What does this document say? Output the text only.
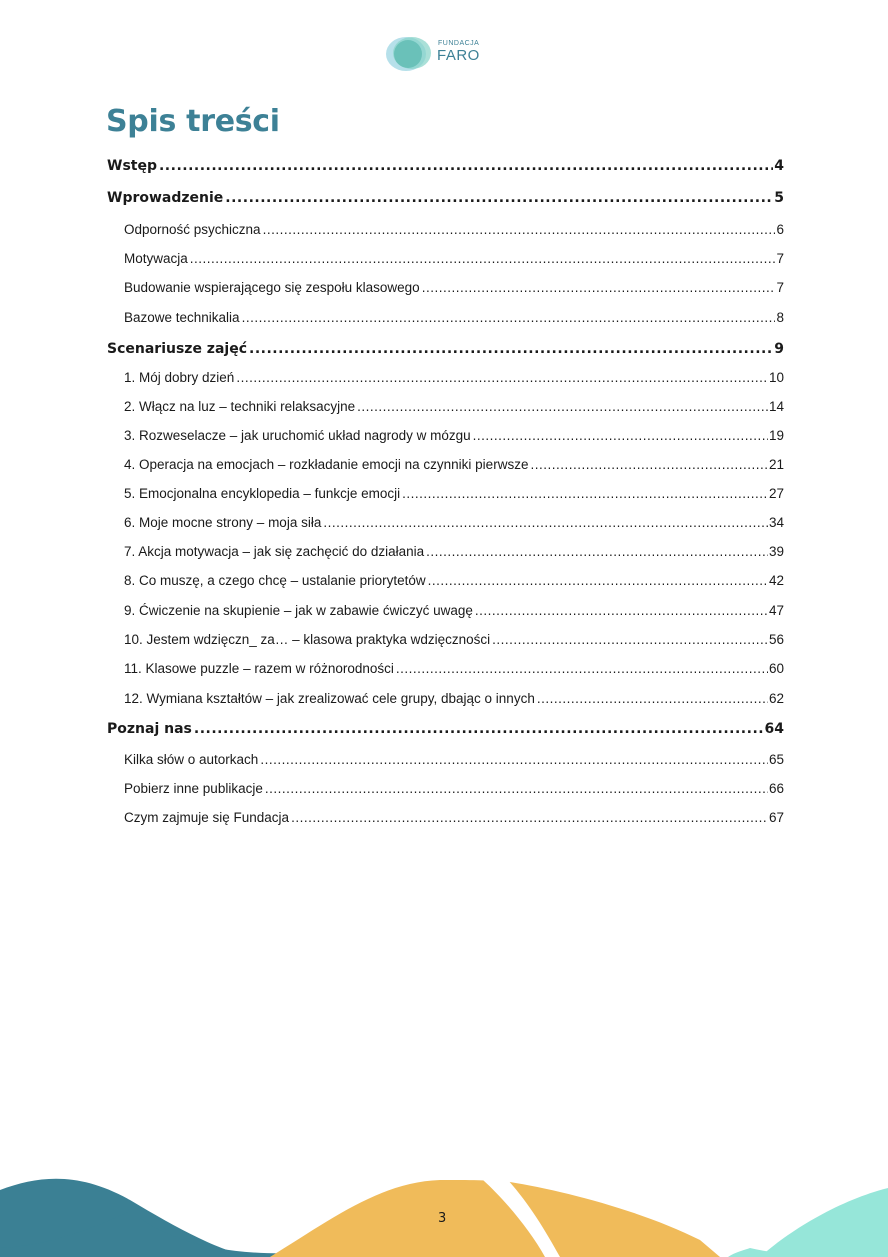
FUNDACJA
FARO
Spis treści
Wstęp .....	4
Wprowadzenie .....	5
Odporność psychiczna .....	6
Motywacja .....	7
Budowanie wspierającego się zespołu klasowego .....	7
Bazowe technikalia .....	8
Scenariusze zajęć .....	9
1. Mój dobry dzień .....	10
2. Włącz na luz – techniki relaksacyjne .....	14
3. Rozweselacze – jak uruchomić układ nagrody w mózgu .....	19
4. Operacja na emocjach – rozkładanie emocji na czynniki pierwsze .....	21
5. Emocjonalna encyklopedia – funkcje emocji .....	27
6. Moje mocne strony – moja siła .....	34
7. Akcja motywacja – jak się zachęcić do działania .....	39
8. Co muszę, a czego chcę – ustalanie priorytetów .....	42
9. Ćwiczenie na skupienie – jak w zabawie ćwiczyć uwagę .....	47
10. Jestem wdzięczn_ za… – klasowa praktyka wdzięczności .....	56
11. Klasowe puzzle – razem w różnorodności .....	60
12. Wymiana kształtów – jak zrealizować cele grupy, dbając o innych .....	62
Poznaj nas .....	64
Kilka słów o autorkach .....	65
Pobierz inne publikacje .....	66
Czym zajmuje się Fundacja .....	67
3
